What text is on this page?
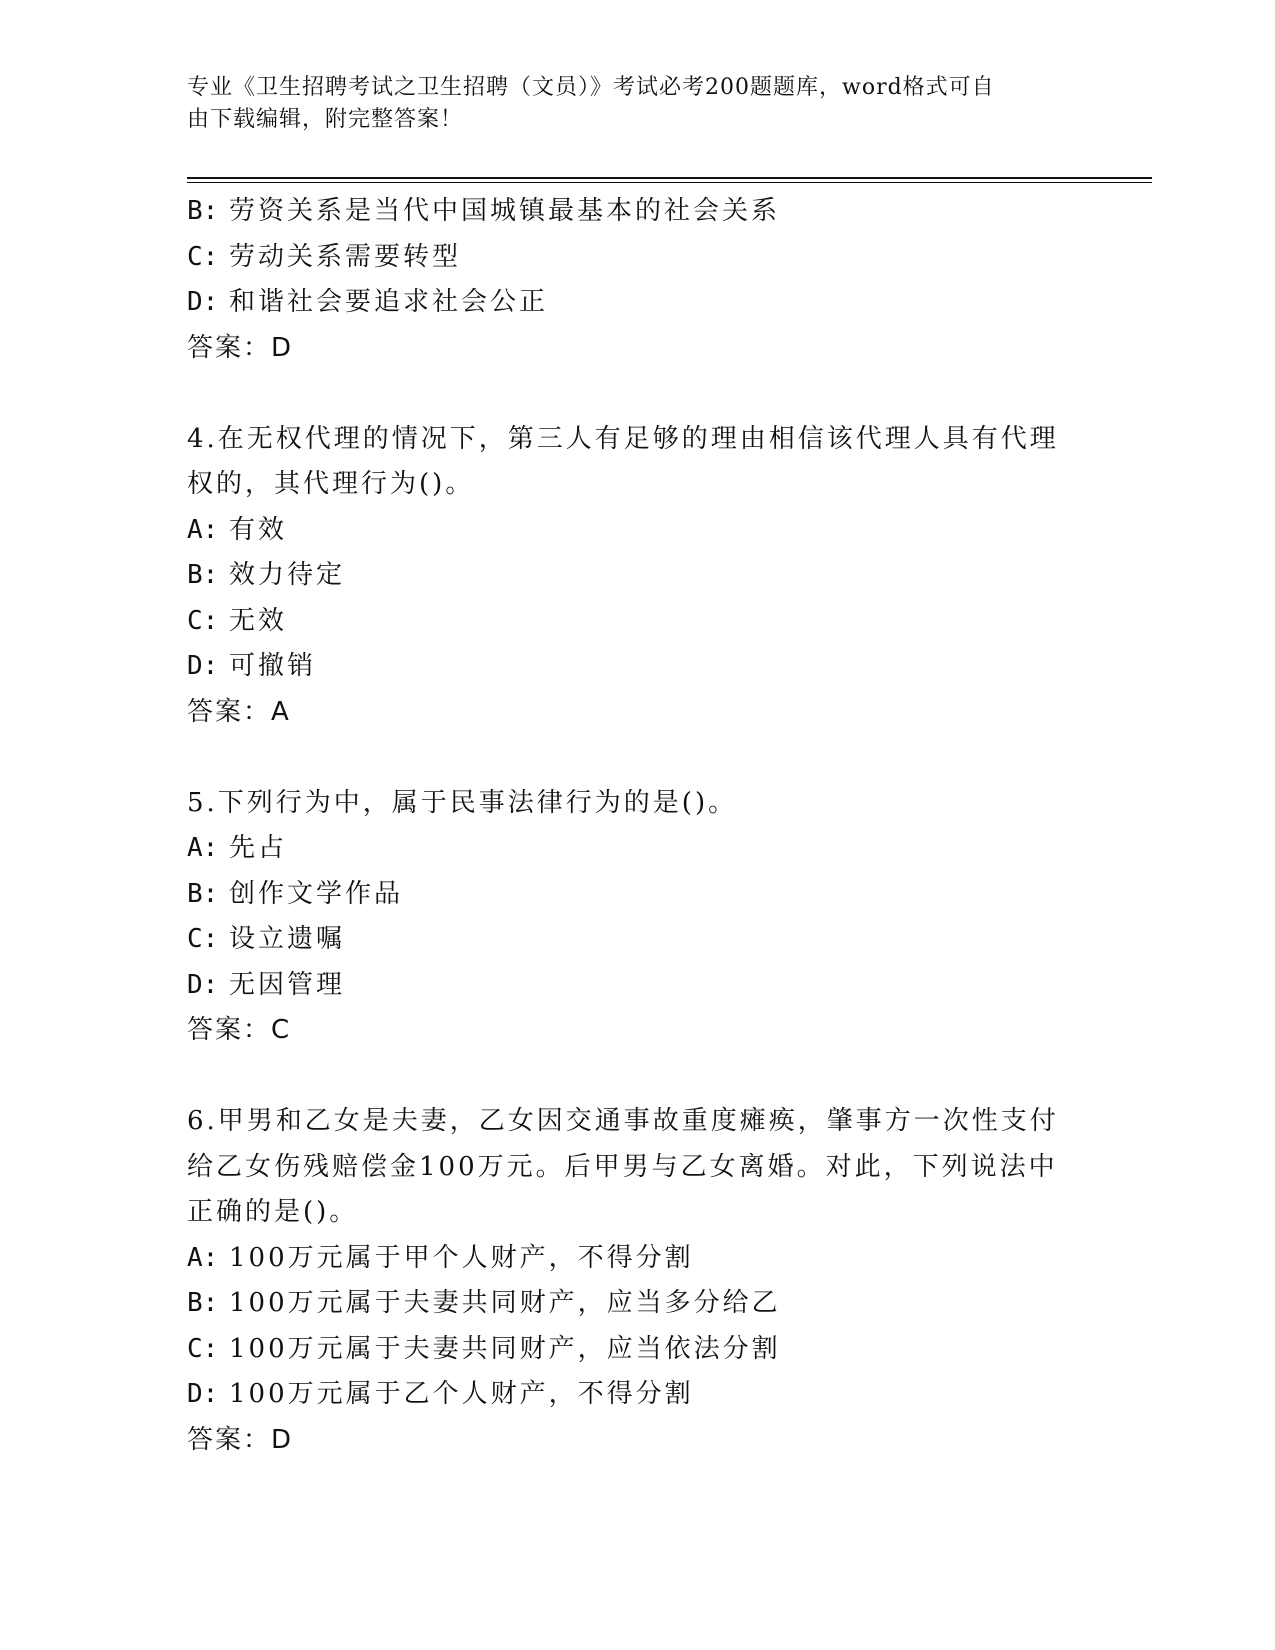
专业《卫生招聘考试之卫生招聘（文员）》考试必考200题题库，word格式可自
由下载编辑，附完整答案！
B: 劳资关系是当代中国城镇最基本的社会关系
C: 劳动关系需要转型
D: 和谐社会要追求社会公正
答案：D
4.在无权代理的情况下，第三人有足够的理由相信该代理人具有代理
权的，其代理行为()。
A: 有效
B: 效力待定
C: 无效
D: 可撤销
答案：A
5.下列行为中，属于民事法律行为的是()。
A: 先占
B: 创作文学作品
C: 设立遗嘱
D: 无因管理
答案：C
6.甲男和乙女是夫妻，乙女因交通事故重度瘫痪，肇事方一次性支付
给乙女伤残赔偿金100万元。后甲男与乙女离婚。对此，下列说法中
正确的是()。
A: 100万元属于甲个人财产，不得分割
B: 100万元属于夫妻共同财产，应当多分给乙
C: 100万元属于夫妻共同财产，应当依法分割
D: 100万元属于乙个人财产，不得分割
答案：D
